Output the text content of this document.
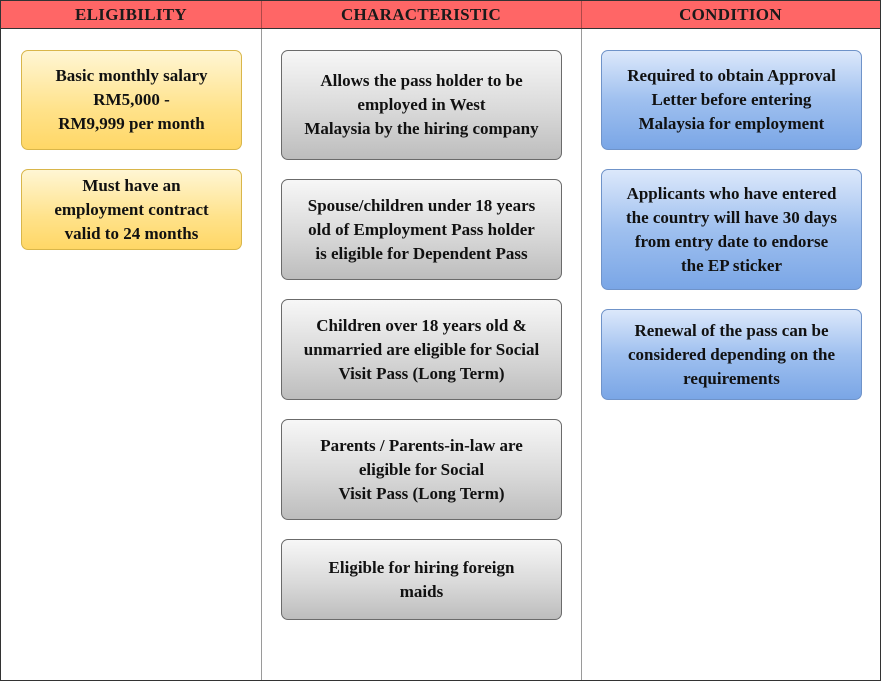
ELIGIBILITY	CHARACTERISTIC	CONDITION
Basic monthly salary
RM5,000 -
RM9,999 per month
Must have an
employment contract
valid to 24 months
Allows the pass holder to be
employed in West
Malaysia by the hiring company
Spouse/children under 18 years
old of Employment Pass holder
is eligible for Dependent Pass
Children over 18 years old &
unmarried are eligible for Social
Visit Pass (Long Term)
Parents / Parents-in-law are
eligible for Social
Visit Pass (Long Term)
Eligible for hiring foreign
maids
Required to obtain Approval
Letter before entering
Malaysia for employment
Applicants who have entered
the country will have 30 days
from entry date to endorse
the EP sticker
Renewal of the pass can be
considered depending on the
requirements
